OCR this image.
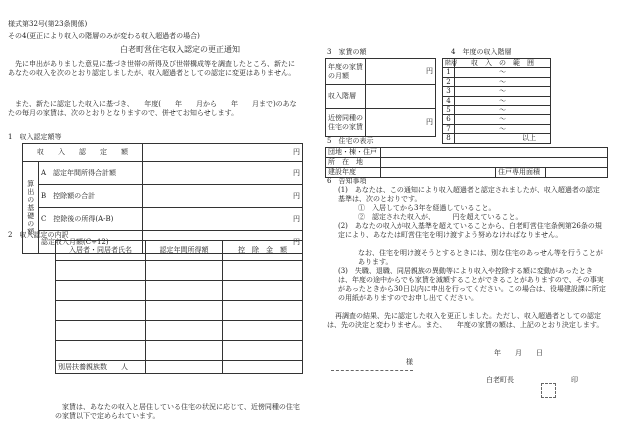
様式第32号(第23条関係)
その4(更正により収入の階層のみが変わる収入超過者の場合)
白老町営住宅収入認定の更正通知
先に申出がありました意見に基づき世帯の所得及び世帯構成等を調査したところ、新たにあなたの収入を次のとおり認定しましたが、収入超過者としての認定に変更はありません。
また、新たに認定した収入に基づき、　　年度(　　年　　月から　　年　　月まで)のあなたの毎月の家賃は、次のとおりとなりますので、併せてお知らせします。
1　収入認定額等
収　　入　　認　　定　　額		円
算出の基礎の額	A　認定年間所得合計額	円
	B　控除額の合計	円
	C　控除後の所得(A-B)	円
	認定収入月額(C÷12)	円
2　収入認定の内訳
入居者・同居者氏名	認定年間所得額	控　除　金　額

別居扶養親族数　　人		
家賃は、あなたの収入と居住している住宅の状況に応じて、近傍同種の住宅の家賃以下で定められています。
3　家賃の額
年度の家賃の月額	円
収入階層	
近傍同種の住宅の家賃	円
4　年度の収入階層
階層	収　入　の　範　囲
1	～
2	～
3	～
4	～
5	～
6	～
7	～
8	以上
5　住宅の表示
団地・棟・住戸			
所　在　地			
建設年度		住戸専用面積	
6　告知事項
(1)　あなたは、この通知により収入超過者と認定されましたが、収入超過者の認定基準は、次のとおりです。
①　入居してから3年を経過していること。
②　認定された収入が、　　　円を超えていること。
(2)　あなたの収入が収入基準を超えていることから、白老町営住宅条例第26条の規定により、あなたは町営住宅を明け渡すよう努めなければなりません。
なお、住宅を明け渡そうとするときには、別な住宅のあっせん等を行うことがあります。
(3)　失職、退職、同居親族の異動等により収入や控除する額に変動があったときは、年度の途中からでも家賃を減額することができることがありますので、その事実があったときから30日以内に申出を行ってください。この場合は、役場建設課に所定の用紙がありますのでお申し出てください。
再調査の結果、先に認定した収入を更正しました。ただし、収入超過者としての認定は、先の決定と変わりません。また、　　年度の家賃の額は、上記のとおり決定します。
年　　月　　日
様
白老町長	印
